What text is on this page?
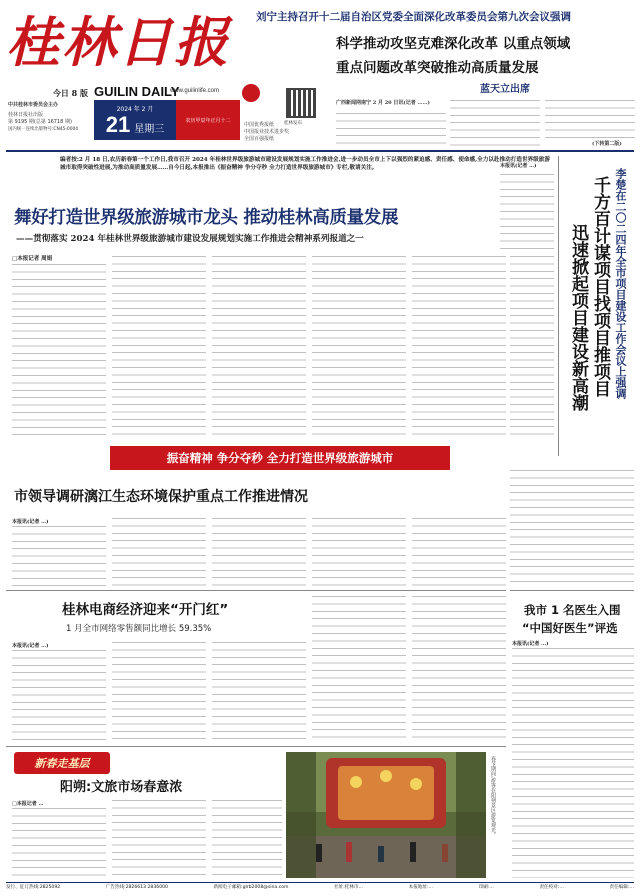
桂林日报
今日 8 版
中共桂林市委员会主办
桂林日报社出版
第 9195 期(总第 16718 期)
国内统一连续出版物号:CN45-0004
GUILIN DAILY
www.guilinlife.com
2024 年 2 月
21 星期三
农历甲辰年正月十二
中国优秀报纸
中国报业技术进步奖
全国百强报纸
桂林发布
刘宁主持召开十二届自治区党委全面深化改革委员会第九次会议强调
科学推动攻坚克难深化改革 以重点领域
重点问题改革突破推动高质量发展
蓝天立出席
广西新闻网南宁 2 月 20 日讯(记者 ……)
(下转第二版)
编者按:2 月 18 日,农历新春第一个工作日,我市召开 2024 年桂林世界级旅游城市建设发展规划实施工作推进会,进一步动员全市上下以强烈的紧迫感、责任感、使命感,全力以赴推动打造世界级旅游城市取得突破性进展,为推动高质量发展……自今日起,本报推出《振奋精神 争分夺秒 全力打造世界级旅游城市》专栏,敬请关注。
舞好打造世界级旅游城市龙头 推动桂林高质量发展
——贯彻落实 2024 年桂林世界级旅游城市建设发展规划实施工作推进会精神系列报道之一
□本报记者 周娟
振奋精神 争分夺秒 全力打造世界级旅游城市
李楚在二〇二四年全市项目建设工作会议上强调
千方百计谋项目找项目推项目
迅速掀起项目建设新高潮
本报讯(记者 …)
市领导调研漓江生态环境保护重点工作推进情况
本报讯(记者 …)
桂林电商经济迎来“开门红”
1 月全市网络零售额同比增长 59.35%
本报讯(记者 …)
我市 1 名医生入围
“中国好医生”评选
本报讯(记者 …)
新春走基层
阳朔:文旅市场春意浓
□本报记者 …	春节期间,游客在阳朔景区游览观光。
发行、征订热线:2825092	广告热线:2826613 2836000	新闻电子邮箱:glrb2008@sina.com	社址:桂林市…	本报地址:…	印刷:…	责任校对:…	责任编辑:…
